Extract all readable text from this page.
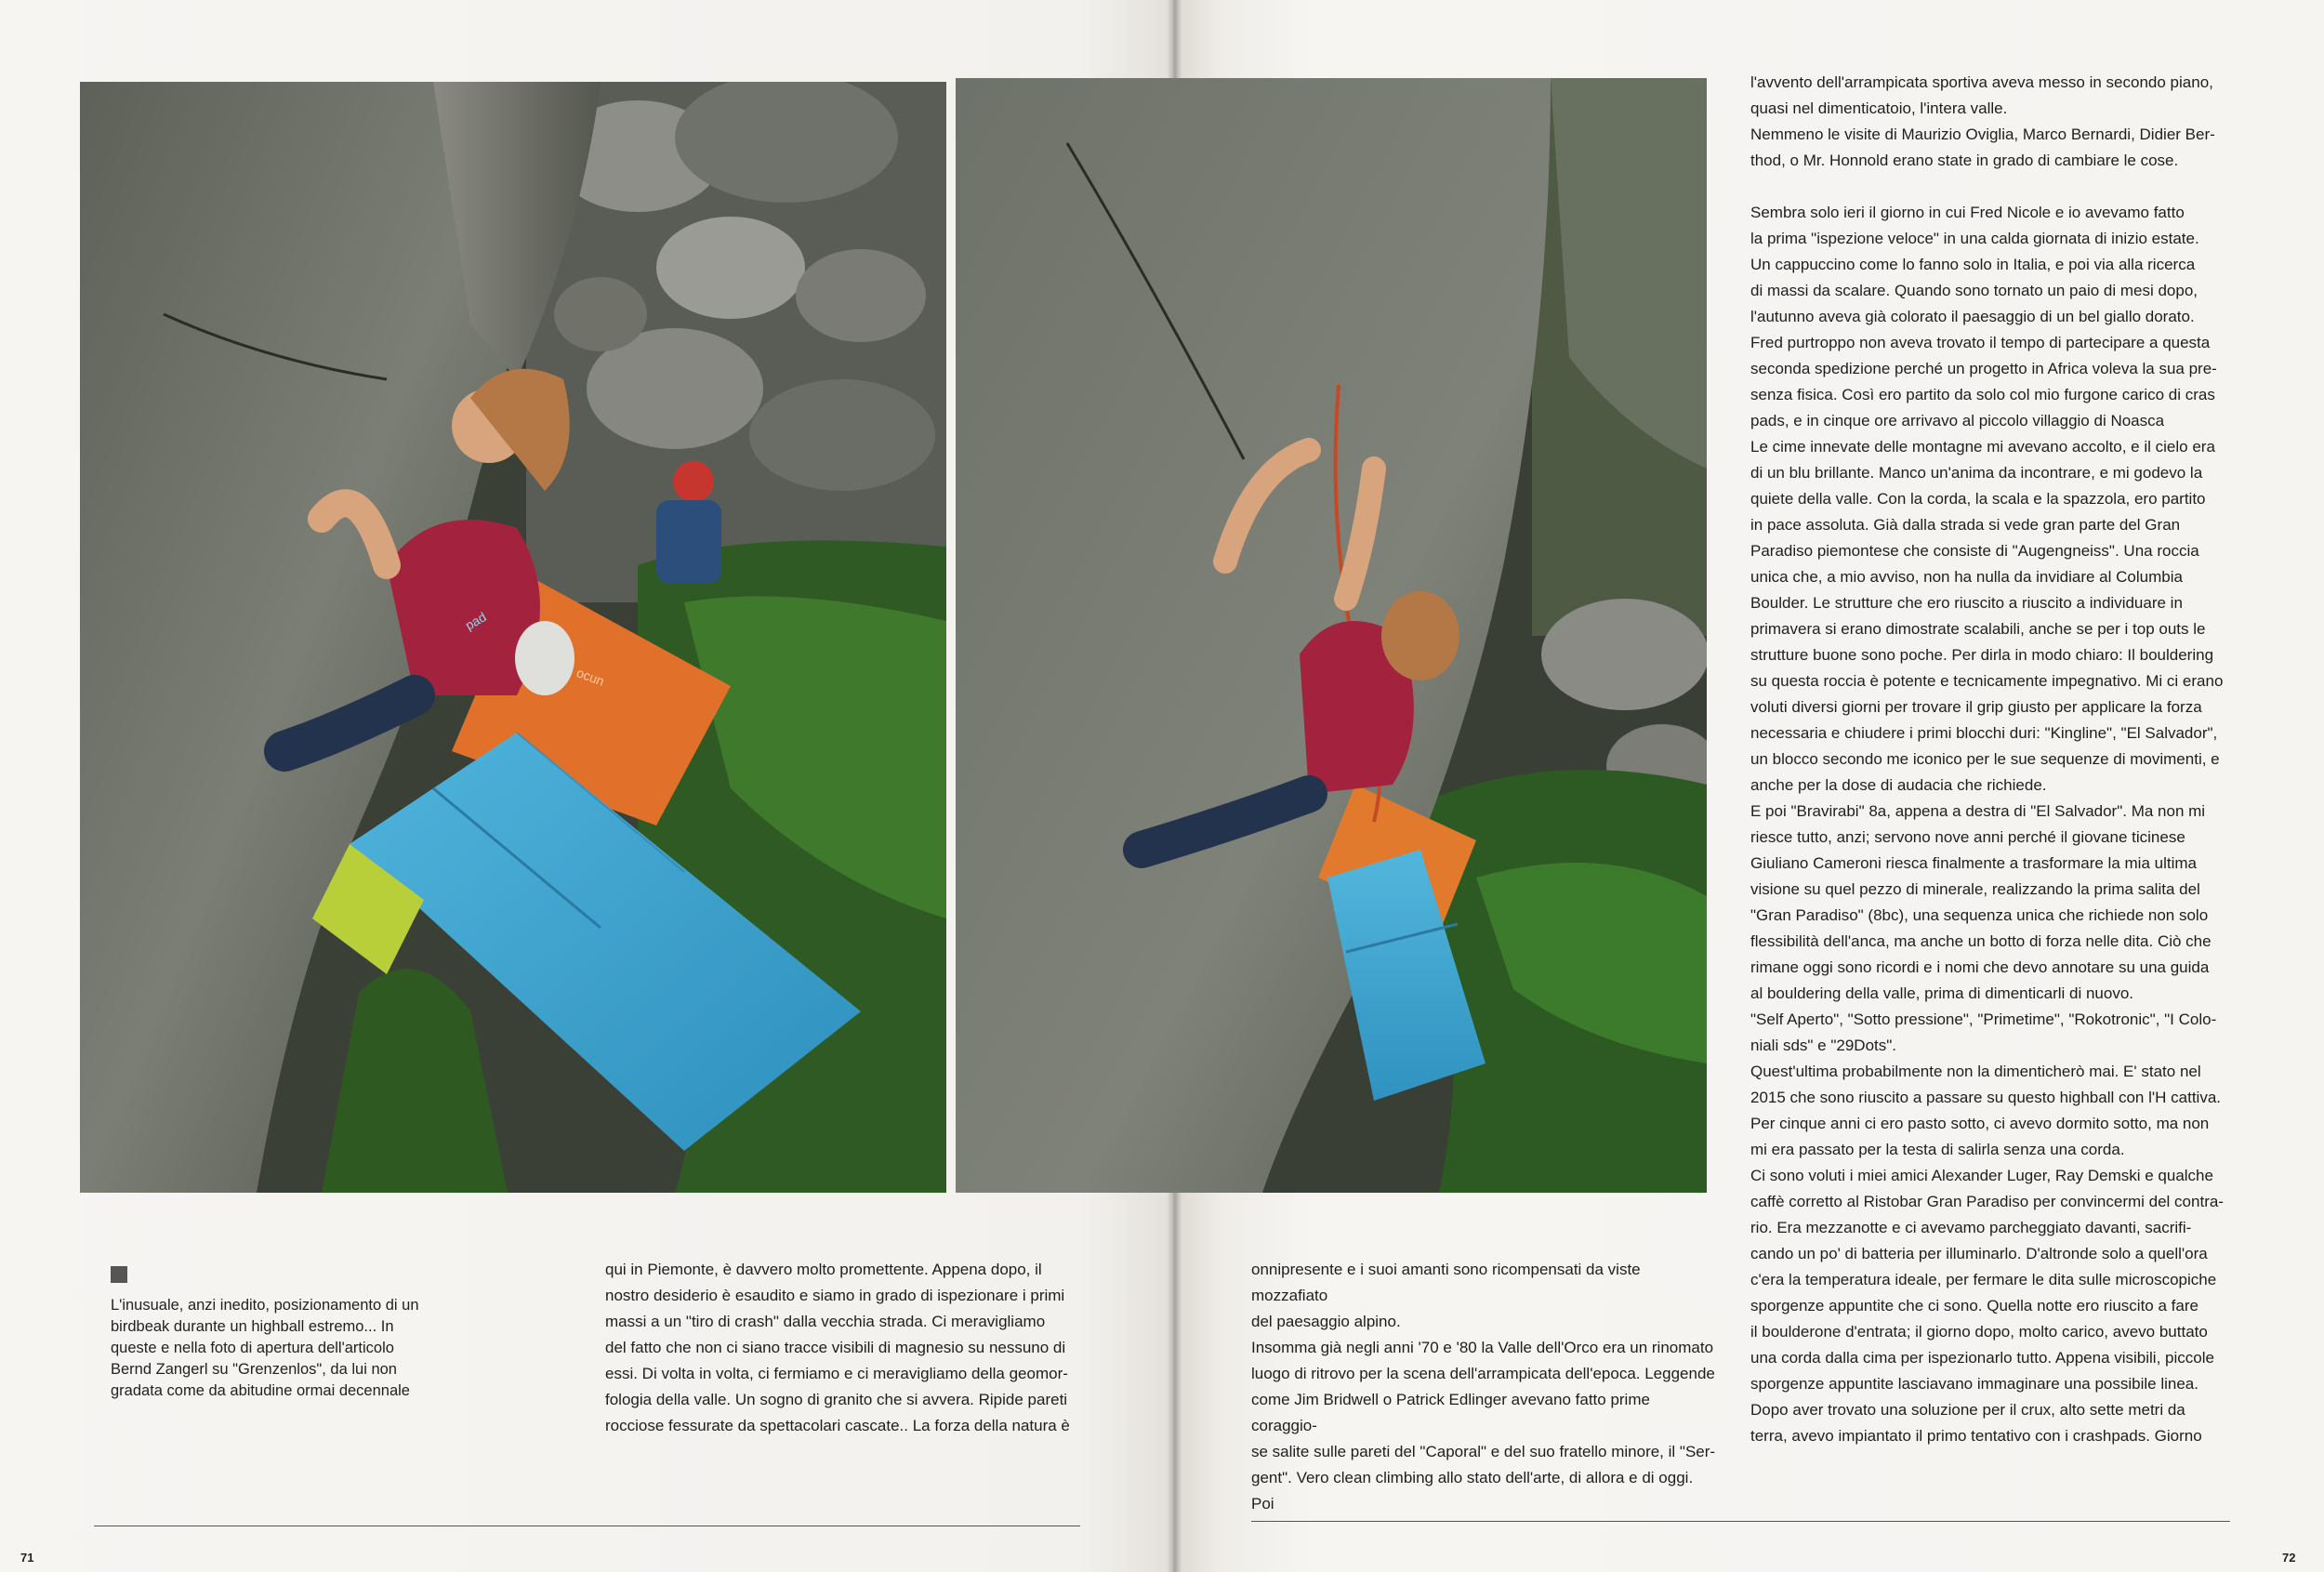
L'inusuale, anzi inedito, posizionamento di un birdbeak durante un highball estremo... In queste e nella foto di apertura dell'articolo Bernd Zangerl su "Grenzenlos", da lui non gradata come da abitudine ormai decennale

qui in Piemonte, è davvero molto promettente. Appena dopo, il

nostro desiderio è esaudito e siamo in grado di ispezionare i primi

massi a un "tiro di crash" dalla vecchia strada. Ci meravigliamo

del fatto che non ci siano tracce visibili di magnesio su nessuno di

essi. Di volta in volta, ci fermiamo e ci meravigliamo della geomor-

fologia della valle. Un sogno di granito che si avvera. Ripide pareti

rocciose fessurate da spettacolari cascate.. La forza della natura è

onnipresente e i suoi amanti sono ricompensati da viste mozzafiato

del paesaggio alpino.

Insomma già negli anni '70 e '80 la Valle dell'Orco era un rinomato

luogo di ritrovo per la scena dell'arrampicata dell'epoca. Leggende

come Jim Bridwell o Patrick Edlinger avevano fatto prime coraggio-

se salite sulle pareti del "Caporal" e del suo fratello minore, il "Ser-

gent". Vero clean climbing allo stato dell'arte, di allora e di oggi. Poi

l'avvento dell'arrampicata sportiva aveva messo in secondo piano,

quasi nel dimenticatoio, l'intera valle.

Nemmeno le visite di Maurizio Oviglia, Marco Bernardi, Didier Ber-

thod, o Mr. Honnold erano state in grado di cambiare le cose.

Sembra solo ieri il giorno in cui Fred Nicole e io avevamo fatto

la prima "ispezione veloce" in una calda giornata di inizio estate.

Un cappuccino come lo fanno solo in Italia, e poi via alla ricerca

di massi da scalare. Quando sono tornato un paio di mesi dopo,

l'autunno aveva già colorato il paesaggio di un bel giallo dorato.

Fred purtroppo non aveva trovato il tempo di partecipare a questa

seconda spedizione perché un progetto in Africa voleva la sua pre-

senza fisica. Così ero partito da solo col mio furgone carico di cras

pads, e in cinque ore arrivavo al piccolo villaggio di Noasca

Le cime innevate delle montagne mi avevano accolto, e il cielo era

di un blu brillante. Manco un'anima da incontrare, e mi godevo la

quiete della valle. Con la corda, la scala e la spazzola, ero partito

in pace assoluta. Già dalla strada si vede gran parte del Gran

Paradiso piemontese che consiste di "Augengneiss". Una roccia

unica che, a mio avviso, non ha nulla da invidiare al Columbia

Boulder. Le strutture che ero riuscito a riuscito a individuare in

primavera si erano dimostrate scalabili, anche se per i top outs le

strutture buone sono poche. Per dirla in modo chiaro: Il bouldering

su questa roccia è potente e tecnicamente impegnativo. Mi ci erano

voluti diversi giorni per trovare il grip giusto per applicare la forza

necessaria e chiudere i primi blocchi duri: "Kingline", "El Salvador",

un blocco secondo me iconico per le sue sequenze di movimenti, e

anche per la dose di audacia che richiede.

E poi "Bravirabi" 8a, appena a destra di "El Salvador". Ma non mi

riesce tutto, anzi; servono nove anni perché il giovane ticinese

Giuliano Cameroni riesca finalmente a trasformare la mia ultima

visione su quel pezzo di minerale, realizzando la prima salita del

"Gran Paradiso" (8bc), una sequenza unica che richiede non solo

flessibilità dell'anca, ma anche un botto di forza nelle dita. Ciò che

rimane oggi sono ricordi e i nomi che devo annotare su una guida

al bouldering della valle, prima di dimenticarli di nuovo.

"Self Aperto", "Sotto pressione", "Primetime", "Rokotronic", "I Colo-

niali sds" e "29Dots".

Quest'ultima probabilmente non la dimenticherò mai. E' stato nel

2015 che sono riuscito a passare su questo highball con l'H cattiva.

Per cinque anni ci ero pasto sotto, ci avevo dormito sotto, ma non

mi era passato per la testa di salirla senza una corda.

Ci sono voluti i miei amici Alexander Luger, Ray Demski e qualche

caffè corretto al Ristobar Gran Paradiso per convincermi del contra-

rio. Era mezzanotte e ci avevamo parcheggiato davanti, sacrifi-

cando un po' di batteria per illuminarlo. D'altronde solo a quell'ora

c'era la temperatura ideale, per fermare le dita sulle microscopiche

sporgenze appuntite che ci sono. Quella notte ero riuscito a fare

il boulderone d'entrata; il giorno dopo, molto carico, avevo buttato

una corda dalla cima per ispezionarlo tutto. Appena visibili, piccole

sporgenze appuntite lasciavano immaginare una possibile linea.

Dopo aver trovato una soluzione per il crux, alto sette metri da

terra, avevo impiantato il primo tentativo con i crashpads. Giorno

71	72
pad
ocun
